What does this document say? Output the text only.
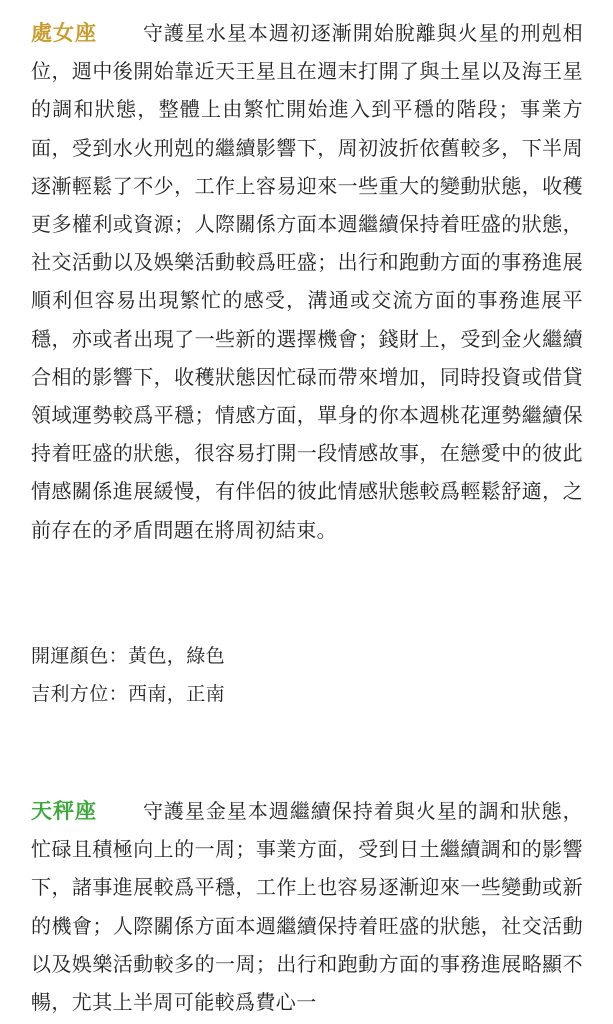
處女座 守護星水星本週初逐漸開始脫離與火星的刑剋相位，週中後開始靠近天王星且在週末打開了與土星以及海王星的調和狀態，整體上由繁忙開始進入到平穩的階段；事業方面，受到水火刑剋的繼續影響下，周初波折依舊較多，下半周逐漸輕鬆了不少，工作上容易迎來一些重大的變動狀態，收穫更多權利或資源；人際關係方面本週繼續保持着旺盛的狀態，社交活動以及娛樂活動較爲旺盛；出行和跑動方面的事務進展順利但容易出現繁忙的感受，溝通或交流方面的事務進展平穩，亦或者出現了一些新的選擇機會；錢財上，受到金火繼續合相的影響下，收穫狀態因忙碌而帶來增加，同時投資或借貸領域運勢較爲平穩；情感方面，單身的你本週桃花運勢繼續保持着旺盛的狀態，很容易打開一段情感故事，在戀愛中的彼此情感關係進展緩慢，有伴侶的彼此情感狀態較爲輕鬆舒適，之前存在的矛盾問題在將周初結束。

開運顏色：黃色，綠色
吉利方位：西南，正南

天秤座 守護星金星本週繼續保持着與火星的調和狀態，忙碌且積極向上的一周；事業方面，受到日土繼續調和的影響下，諸事進展較爲平穩，工作上也容易逐漸迎來一些變動或新的機會；人際關係方面本週繼續保持着旺盛的狀態，社交活動以及娛樂活動較多的一周；出行和跑動方面的事務進展略顯不暢，尤其上半周可能較爲費心一
